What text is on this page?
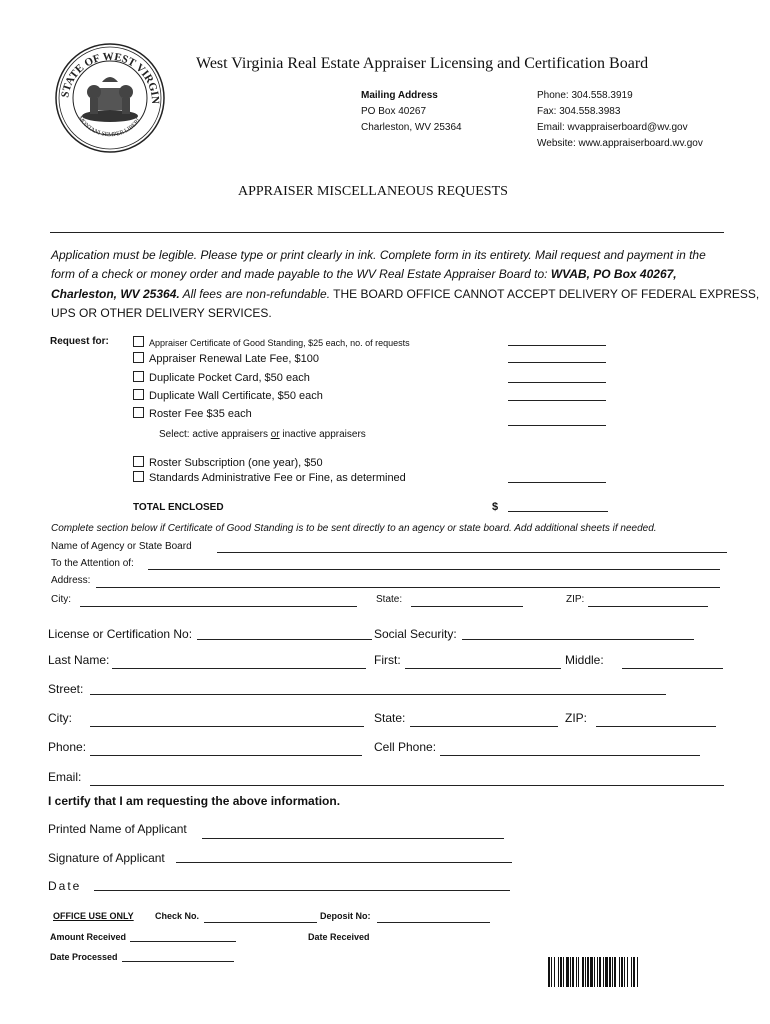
STATE OF WEST VIRGIN
MONTANI SEMPER LIBERI
West Virginia Real Estate Appraiser Licensing and Certification Board
Mailing Address
PO Box 40267
Charleston, WV 25364
Phone: 304.558.3919
Fax: 304.558.3983
Email: wvappraiserboard@wv.gov
Website: www.appraiserboard.wv.gov
APPRAISER MISCELLANEOUS REQUESTS
Application must be legible. Please type or print clearly in ink. Complete form in its entirety. Mail request and payment in the
form of a check or money order and made payable to the WV Real Estate Appraiser Board to: WVAB, PO Box 40267,
Charleston, WV 25364. All fees are non-refundable. THE BOARD OFFICE CANNOT ACCEPT DELIVERY OF FEDERAL EXPRESS,
UPS OR OTHER DELIVERY SERVICES.
Request for:	Appraiser Certificate of Good Standing, $25 each, no. of requests
Appraiser Renewal Late Fee, $100
Duplicate Pocket Card, $50 each
Duplicate Wall Certificate, $50 each
Roster Fee $35 each
Select: active appraisers or inactive appraisers
Roster Subscription (one year), $50
Standards Administrative Fee or Fine, as determined
TOTAL ENCLOSED	$
Complete section below if Certificate of Good Standing is to be sent directly to an agency or state board. Add additional sheets if needed.
Name of Agency or State Board
To the Attention of:
Address:
City:	State:	ZIP:
License or Certification No:	Social Security:
Last Name:	First:	Middle:
Street:
City:	State:	ZIP:
Phone:	Cell Phone:
Email:
I certify that I am requesting the above information.
Printed Name of Applicant
Signature of Applicant
Date
OFFICE USE ONLY Check No.	Deposit No:
Amount Received	Date Received
Date Processed
